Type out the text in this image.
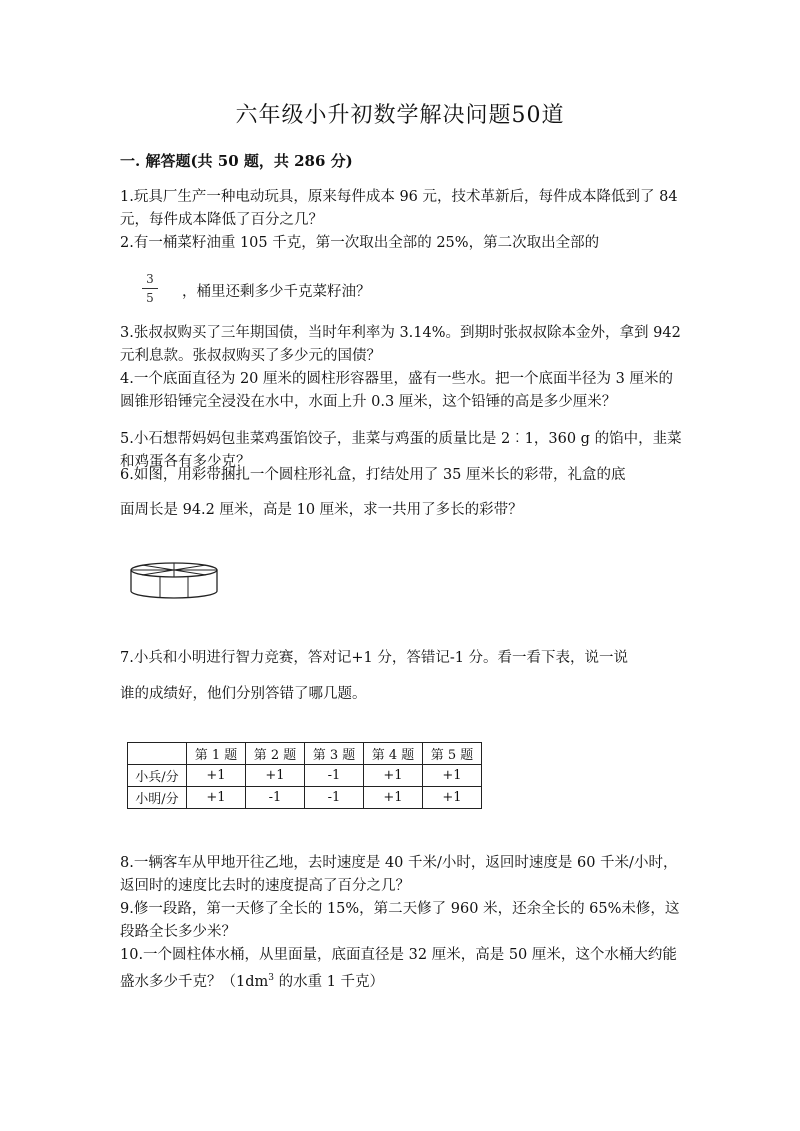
六年级小升初数学解决问题50道
一. 解答题(共 50 题，共 286 分)

1.玩具厂生产一种电动玩具，原来每件成本 96 元，技术革新后，每件成本降低到了 84 元，每件成本降低了百分之几？

2.有一桶菜籽油重 105 千克，第一次取出全部的 25%，第二次取出全部的

3
5	，桶里还剩多少千克菜籽油？

3.张叔叔购买了三年期国债，当时年利率为 3.14%。到期时张叔叔除本金外，拿到 942 元利息款。张叔叔购买了多少元的国债？

4.一个底面直径为 20 厘米的圆柱形容器里，盛有一些水。把一个底面半径为 3 厘米的圆锥形铅锤完全浸没在水中，水面上升 0.3 厘米，这个铅锤的高是多少厘米？

5.小石想帮妈妈包韭菜鸡蛋馅饺子，韭菜与鸡蛋的质量比是 2︰1，360 g 的馅中，韭菜和鸡蛋各有多少克？

6.如图，用彩带捆扎一个圆柱形礼盒，打结处用了 35 厘米长的彩带，礼盒的底

面周长是 94.2 厘米，高是 10 厘米，求一共用了多长的彩带？

7.小兵和小明进行智力竞赛，答对记+1 分，答错记-1 分。看一看下表，说一说

谁的成绩好，他们分别答错了哪几题。

	第 1 题	第 2 题	第 3 题	第 4 题	第 5 题
小兵/分	+1	+1	-1	+1	+1
小明/分	+1	-1	-1	+1	+1

8.一辆客车从甲地开往乙地，去时速度是 40 千米/小时，返回时速度是 60 千米/小时，返回时的速度比去时的速度提高了百分之几？

9.修一段路，第一天修了全长的 15%，第二天修了 960 米，还余全长的 65%未修，这段路全长多少米？

10.一个圆柱体水桶，从里面量，底面直径是 32 厘米，高是 50 厘米，这个水桶大约能盛水多少千克？（$1dm^3$ 的水重 1 千克）
